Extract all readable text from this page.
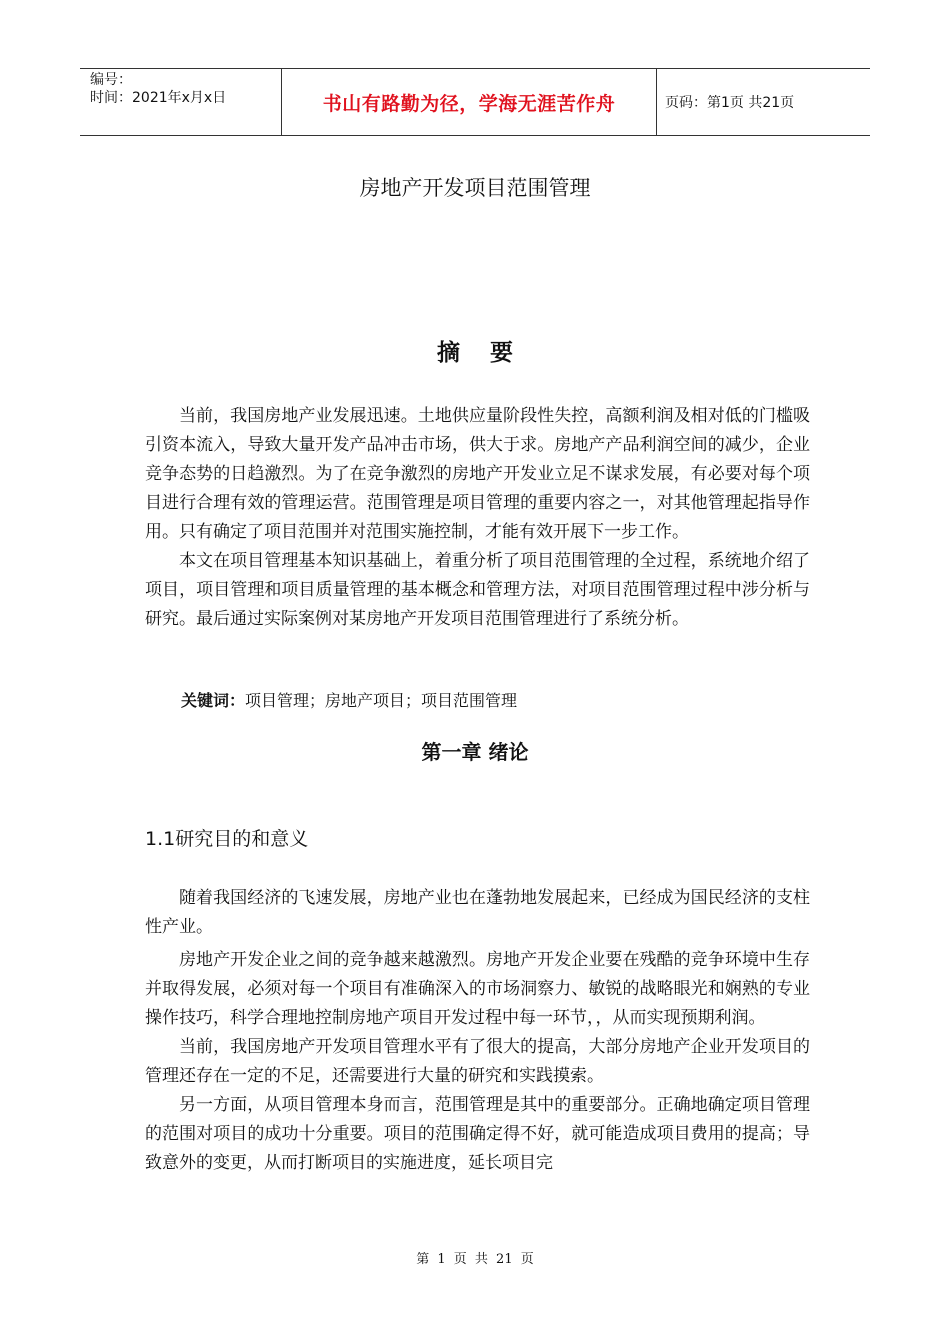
编号：
时间：2021年x月x日	书山有路勤为径，学海无涯苦作舟	页码：第1页 共21页
房地产开发项目范围管理
摘要

当前，我国房地产业发展迅速。土地供应量阶段性失控，高额利润及相对低的门槛吸引资本流入，导致大量开发产品冲击市场，供大于求。房地产产品利润空间的减少，企业竞争态势的日趋激烈。为了在竞争激烈的房地产开发业立足不谋求发展，有必要对每个项目进行合理有效的管理运营。范围管理是项目管理的重要内容之一，对其他管理起指导作用。只有确定了项目范围并对范围实施控制，才能有效开展下一步工作。

本文在项目管理基本知识基础上，着重分析了项目范围管理的全过程，系统地介绍了项目，项目管理和项目质量管理的基本概念和管理方法，对项目范围管理过程中涉分析与研究。最后通过实际案例对某房地产开发项目范围管理进行了系统分析。

关键词：项目管理；房地产项目；项目范围管理
第一章 绪论
1.1研究目的和意义

随着我国经济的飞速发展，房地产业也在蓬勃地发展起来，已经成为国民经济的支柱性产业。

房地产开发企业之间的竞争越来越激烈。房地产开发企业要在残酷的竞争环境中生存并取得发展，必须对每一个项目有准确深入的市场洞察力、敏锐的战略眼光和娴熟的专业操作技巧，科学合理地控制房地产项目开发过程中每一环节，，从而实现预期利润。

当前，我国房地产开发项目管理水平有了很大的提高，大部分房地产企业开发项目的管理还存在一定的不足，还需要进行大量的研究和实践摸索。

另一方面，从项目管理本身而言，范围管理是其中的重要部分。正确地确定项目管理的范围对项目的成功十分重要。项目的范围确定得不好，就可能造成项目费用的提高；导致意外的变更，从而打断项目的实施进度，延长项目完

第 1 页 共 21 页
